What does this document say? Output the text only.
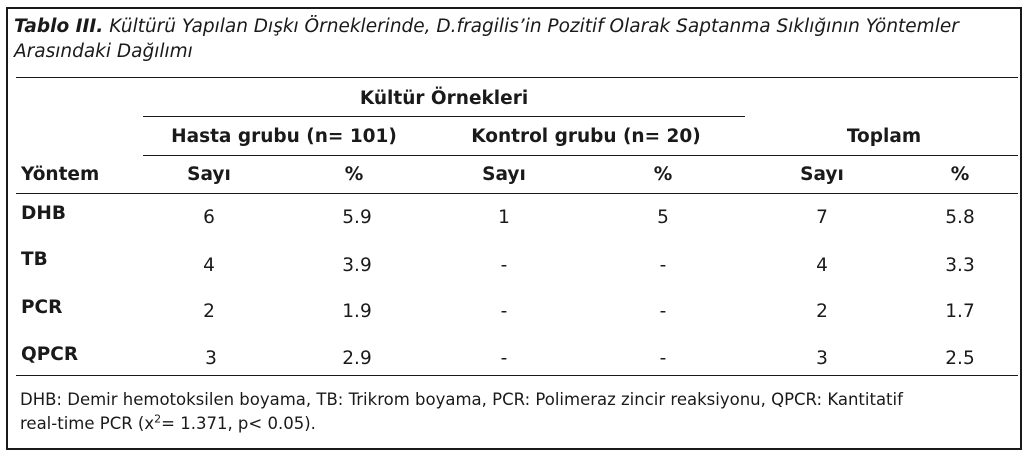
Tablo III. Kültürü Yapılan Dışkı Örneklerinde, D.fragilis’in Pozitif Olarak Saptanma Sıklığının Yöntemler Arasındaki Dağılımı
Kültür Örnekleri
Hasta grubu (n= 101)	Kontrol grubu (n= 20)	Toplam
Yöntem	Sayı	%	Sayı	%	Sayı	%
DHB	6	5.9	1	5	7	5.8
TB	4	3.9	-	-	4	3.3
PCR	2	1.9	-	-	2	1.7
QPCR	3	2.9	-	-	3	2.5
DHB: Demir hemotoksilen boyama, TB: Trikrom boyama, PCR: Polimeraz zincir reaksiyonu, QPCR: Kantitatif
real-time PCR ($x^2= 1.371$, p< 0.05).
